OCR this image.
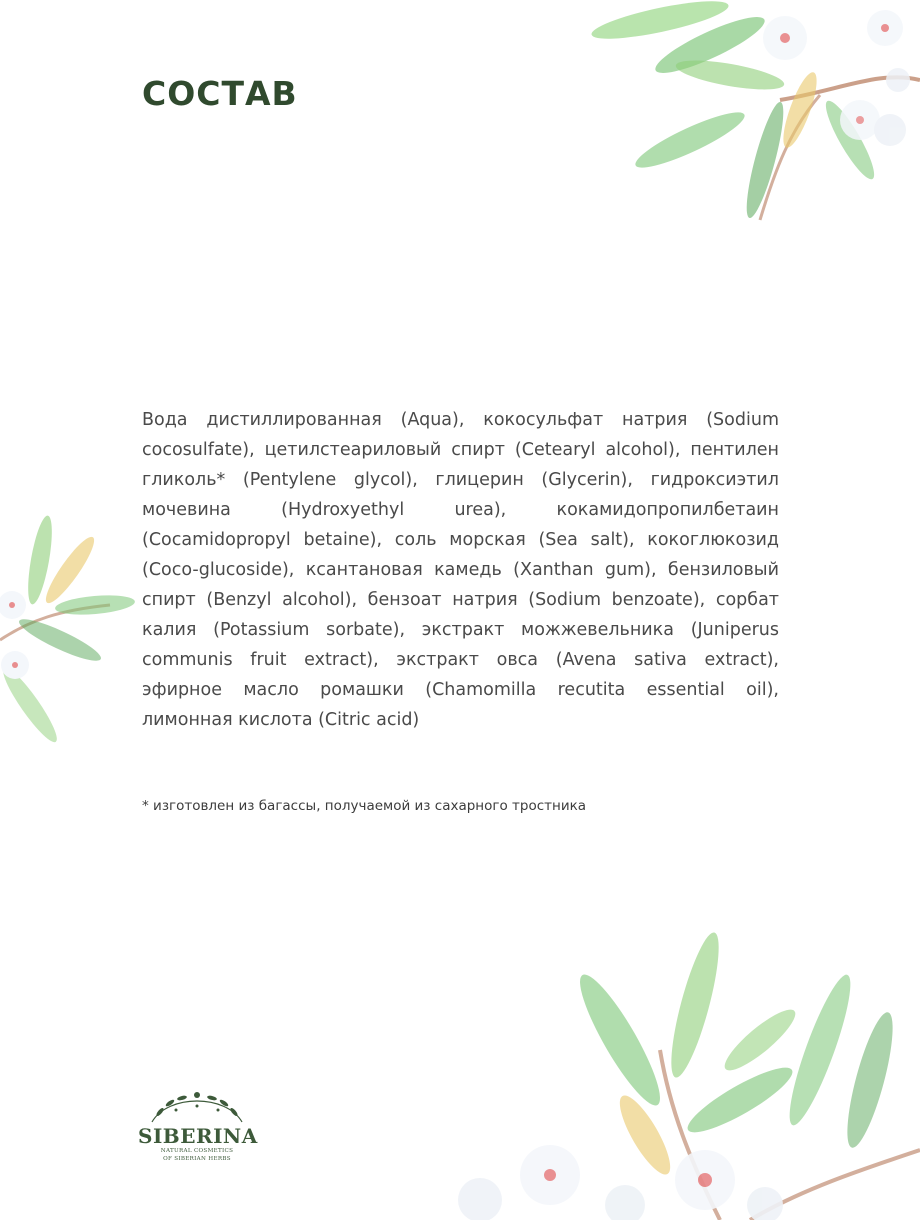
СОСТАВ

Вода дистиллированная (Aqua), кокосульфат натрия (Sodium cocosulfate), цетилстеариловый спирт (Cetearyl alcohol), пентилен гликоль* (Pentylene glycol), глицерин (Glycerin), гидроксиэтил мочевина (Hydroxyethyl urea), кокамидопропилбетаин (Cocamidopropyl betaine), соль морская (Sea salt), кокоглюкозид (Coco-glucoside), ксантановая камедь (Xanthan gum), бензиловый спирт (Benzyl alcohol), бензоат натрия (Sodium benzoate), сорбат калия (Potassium sorbate), экстракт можжевельника (Juniperus communis fruit extract), экстракт овса (Avena sativa extract), эфирное масло ромашки (Chamomilla recutita essential oil), лимонная кислота (Citric acid)

* изготовлен из багассы, получаемой из сахарного тростника

SIBERINA
NATURAL COSMETICS
OF SIBERIAN HERBS
